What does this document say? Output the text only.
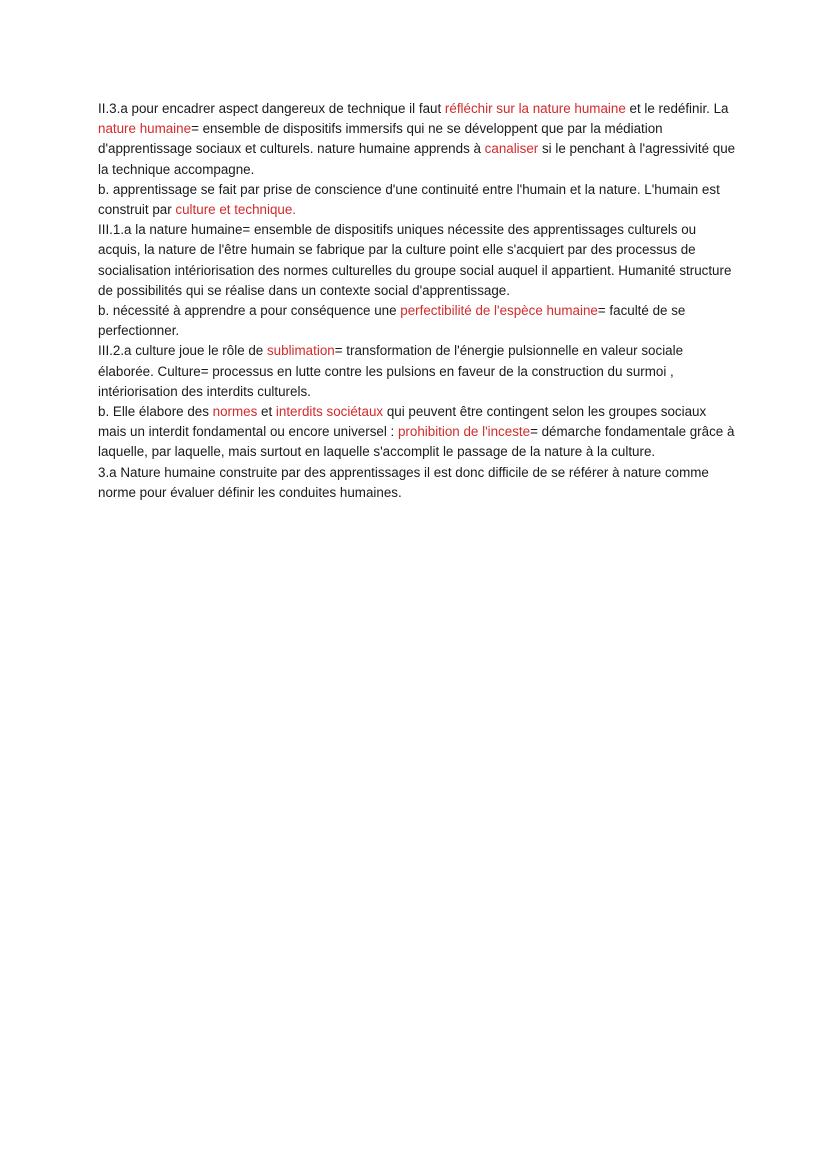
II.3.a pour encadrer aspect dangereux de technique il faut réfléchir sur la nature humaine et le redéfinir. La nature humaine= ensemble de dispositifs immersifs qui ne se développent que par la médiation d'apprentissage sociaux et culturels. nature humaine apprends à canaliser si le penchant à l'agressivité que la technique accompagne.

b. apprentissage se fait par prise de conscience d'une continuité entre l'humain et la nature. L'humain est construit par culture et technique.

III.1.a la nature humaine= ensemble de dispositifs uniques nécessite des apprentissages culturels ou acquis, la nature de l'être humain se fabrique par la culture point elle s'acquiert par des processus de socialisation intériorisation des normes culturelles du groupe social auquel il appartient. Humanité structure de possibilités qui se réalise dans un contexte social d'apprentissage.

b. nécessité à apprendre a pour conséquence une perfectibilité de l'espèce humaine= faculté de se perfectionner.

III.2.a culture joue le rôle de sublimation= transformation de l'énergie pulsionnelle en valeur sociale élaborée. Culture= processus en lutte contre les pulsions en faveur de la construction du surmoi , intériorisation des interdits culturels.

b. Elle élabore des normes et interdits sociétaux qui peuvent être contingent selon les groupes sociaux mais un interdit fondamental ou encore universel : prohibition de l'inceste= démarche fondamentale grâce à laquelle, par laquelle, mais surtout en laquelle s'accomplit le passage de la nature à la culture.

3.a Nature humaine construite par des apprentissages il est donc difficile de se référer à nature comme norme pour évaluer définir les conduites humaines.
